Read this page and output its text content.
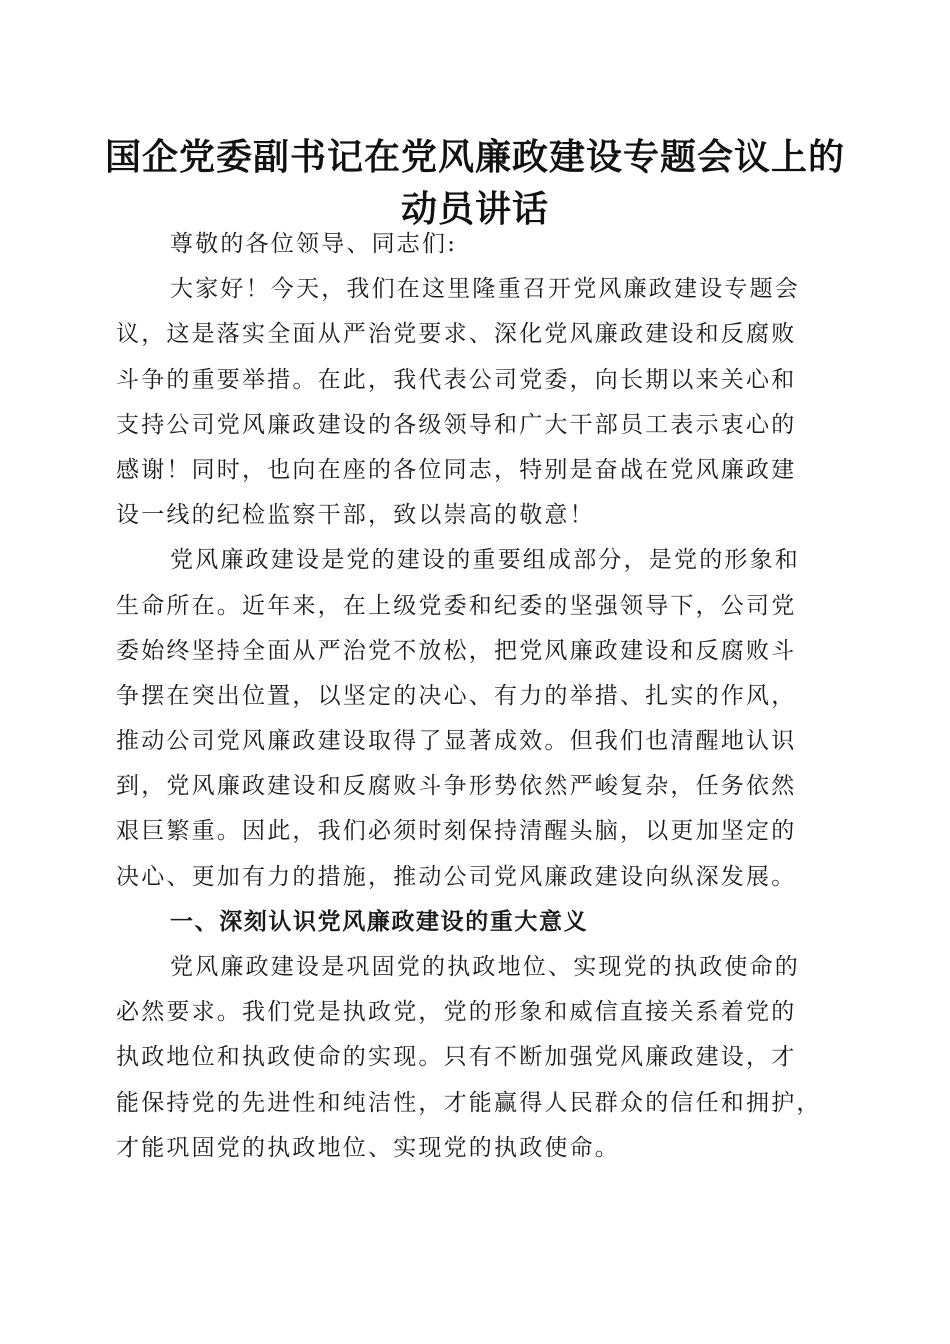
国企党委副书记在党风廉政建设专题会议上的
动员讲话

尊敬的各位领导、同志们:

大家好！今天，我们在这里隆重召开党风廉政建设专题会
议，这是落实全面从严治党要求、深化党风廉政建设和反腐败
斗争的重要举措。在此，我代表公司党委，向长期以来关心和
支持公司党风廉政建设的各级领导和广大干部员工表示衷心的
感谢！同时，也向在座的各位同志，特别是奋战在党风廉政建
设一线的纪检监察干部，致以崇高的敬意！

党风廉政建设是党的建设的重要组成部分，是党的形象和
生命所在。近年来，在上级党委和纪委的坚强领导下，公司党
委始终坚持全面从严治党不放松，把党风廉政建设和反腐败斗
争摆在突出位置，以坚定的决心、有力的举措、扎实的作风，
推动公司党风廉政建设取得了显著成效。但我们也清醒地认识
到，党风廉政建设和反腐败斗争形势依然严峻复杂，任务依然
艰巨繁重。因此，我们必须时刻保持清醒头脑，以更加坚定的
决心、更加有力的措施，推动公司党风廉政建设向纵深发展。

一、深刻认识党风廉政建设的重大意义

党风廉政建设是巩固党的执政地位、实现党的执政使命的
必然要求。我们党是执政党，党的形象和威信直接关系着党的
执政地位和执政使命的实现。只有不断加强党风廉政建设，才
能保持党的先进性和纯洁性，才能赢得人民群众的信任和拥护，
才能巩固党的执政地位、实现党的执政使命。
